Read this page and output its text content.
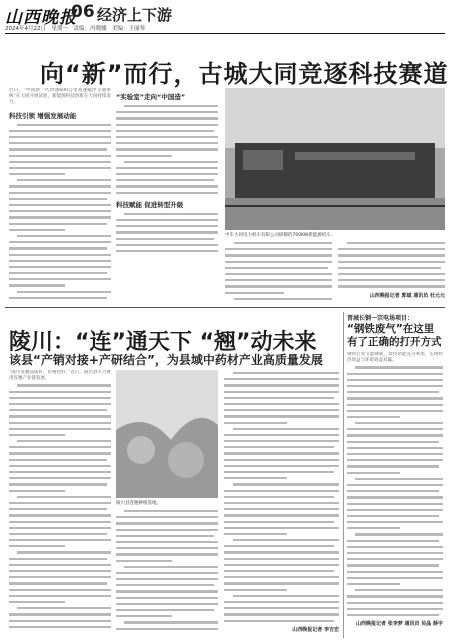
山西晚报
06 经济上下游
2024年4月22日　星期一　责编：冯晓娜　美编：王丽琴
向“新”而行，古城大同竞逐科技赛道
近日，“中国新一代时速600公里高速磁浮交通系统”在大同开展试验，新能源科技创新在大同持续发力。
科技引领 增强发展动能
“实验室”走向“中国造”
科技赋能 促进转型升级
中车大同电力机车有限公司研制的700KW新能源机车。
山西晚报记者 郭斌 通讯员 杜元元
陵川：“连”通天下 “翘”动未来
该县“产销对接+产研结合”，为县域中药材产业高质量发展
“陵川连翘品质好，价格也好。”近日，陵川县大力推进连翘产业链发展。
陵川县连翘种植基地。
山西晚报记者 李吉宏
晋城长钢一宗电场项目：
“钢铁废气”在这里有了正确的打开方式
钢铁行业节能降耗，余热余能充分利用，实现经济效益与环境效益双赢。
山西晚报记者 张李梦 通讯员 吴晶 薛宇
